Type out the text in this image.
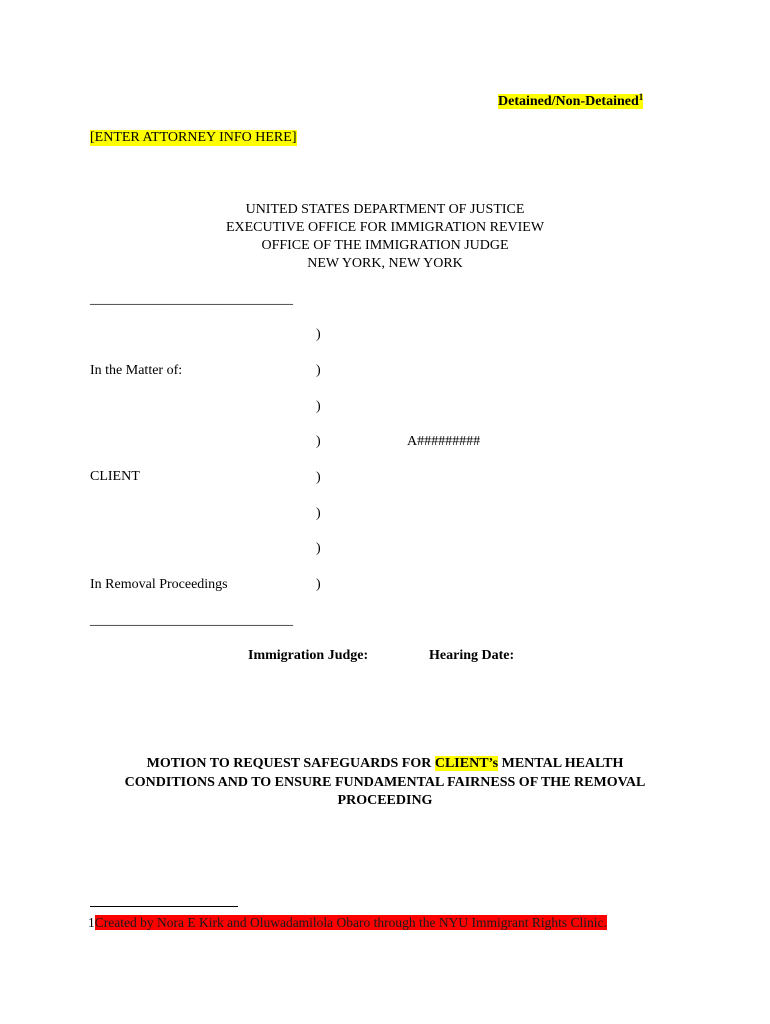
Detained/Non-Detained$^1$
[ENTER ATTORNEY INFO HERE]
UNITED STATES DEPARTMENT OF JUSTICE
EXECUTIVE OFFICE FOR IMMIGRATION REVIEW
OFFICE OF THE IMMIGRATION JUDGE
NEW YORK, NEW YORK
_____________________________
)
)
)
)
)
)
)
)
In the Matter of:
A#########
CLIENT
In Removal Proceedings
_____________________________
Immigration Judge:	Hearing Date:
MOTION TO REQUEST SAFEGUARDS FOR CLIENT’s MENTAL HEALTH
CONDITIONS AND TO ENSURE FUNDAMENTAL FAIRNESS OF THE REMOVAL
PROCEEDING
1Created by Nora E Kirk and Oluwadamilola Obaro through the NYU Immigrant Rights Clinic.
